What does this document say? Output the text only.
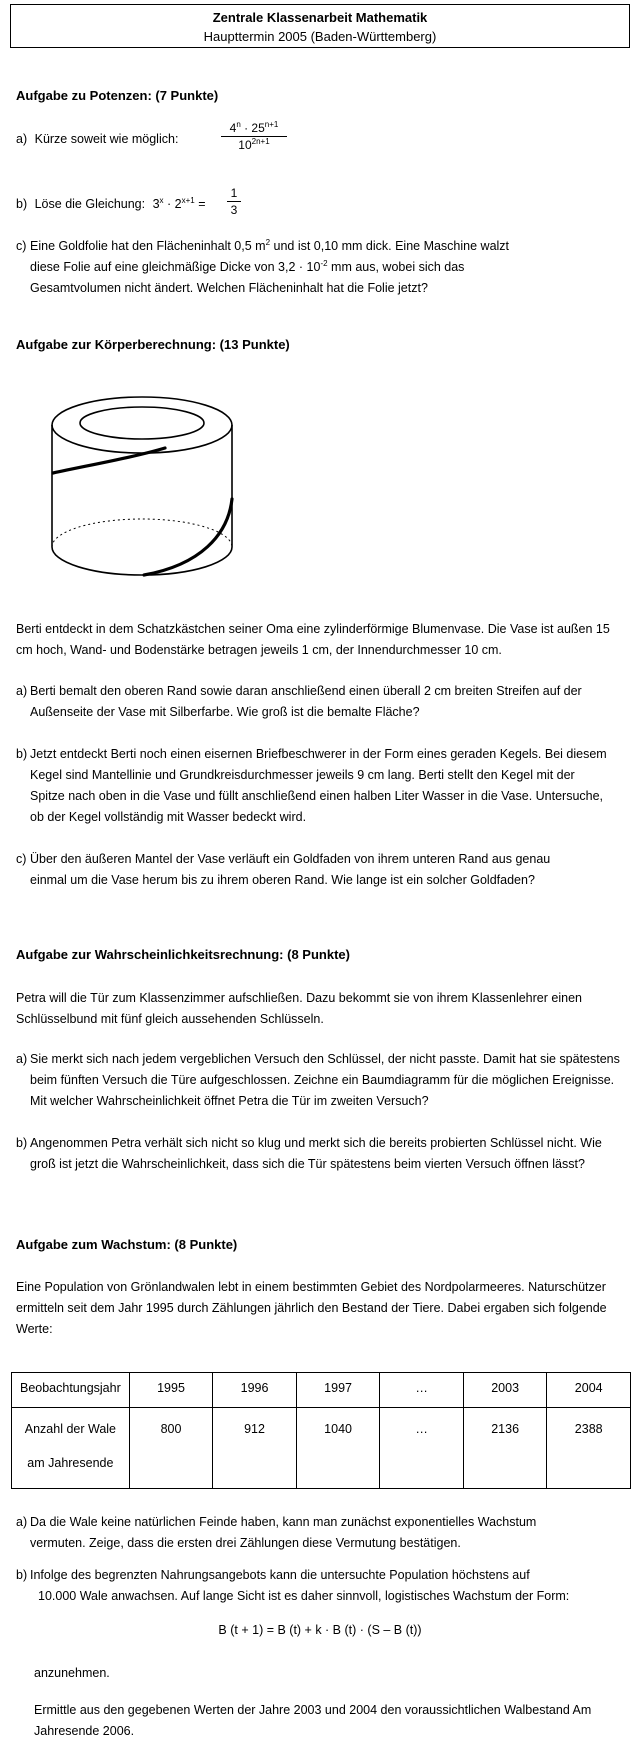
Zentrale Klassenarbeit Mathematik
Haupttermin 2005 (Baden-Württemberg)
Aufgabe zu Potenzen: (7 Punkte)
a) Kürze soweit wie möglich:	$\frac{4^n \cdot 25^{n+1}}{10^{2n+1}}$
b) Löse die Gleichung: $3^x \cdot 2^{x+1} = \frac{1}{3}$
c) Eine Goldfolie hat den Flächeninhalt 0,5 $m^2$ und ist 0,10 mm dick. Eine Maschine walzt
diese Folie auf eine gleichmäßige Dicke von $3,2 \cdot 10^{-2}$ mm aus, wobei sich das
Gesamtvolumen nicht ändert. Welchen Flächeninhalt hat die Folie jetzt?
Aufgabe zur Körperberechnung: (13 Punkte)
Berti entdeckt in dem Schatzkästchen seiner Oma eine zylinderförmige Blumenvase. Die Vase ist außen 15 cm hoch, Wand- und Bodenstärke betragen jeweils 1 cm, der Innendurchmesser 10 cm.
a) Berti bemalt den oberen Rand sowie daran anschließend einen überall 2 cm breiten Streifen auf der Außenseite der Vase mit Silberfarbe. Wie groß ist die bemalte Fläche?
b) Jetzt entdeckt Berti noch einen eisernen Briefbeschwerer in der Form eines geraden Kegels. Bei diesem Kegel sind Mantellinie und Grundkreisdurchmesser jeweils 9 cm lang. Berti stellt den Kegel mit der Spitze nach oben in die Vase und füllt anschließend einen halben Liter Wasser in die Vase. Untersuche, ob der Kegel vollständig mit Wasser bedeckt wird.
c) Über den äußeren Mantel der Vase verläuft ein Goldfaden von ihrem unteren Rand aus genau einmal um die Vase herum bis zu ihrem oberen Rand. Wie lange ist ein solcher Goldfaden?
Aufgabe zur Wahrscheinlichkeitsrechnung: (8 Punkte)
Petra will die Tür zum Klassenzimmer aufschließen. Dazu bekommt sie von ihrem Klassenlehrer einen Schlüsselbund mit fünf gleich aussehenden Schlüsseln.
a) Sie merkt sich nach jedem vergeblichen Versuch den Schlüssel, der nicht passte. Damit hat sie spätestens beim fünften Versuch die Türe aufgeschlossen. Zeichne ein Baumdiagramm für die möglichen Ereignisse. Mit welcher Wahrscheinlichkeit öffnet Petra die Tür im zweiten Versuch?
b) Angenommen Petra verhält sich nicht so klug und merkt sich die bereits probierten Schlüssel nicht. Wie groß ist jetzt die Wahrscheinlichkeit, dass sich die Tür spätestens beim vierten Versuch öffnen lässt?
Aufgabe zum Wachstum: (8 Punkte)
Eine Population von Grönlandwalen lebt in einem bestimmten Gebiet des Nordpolarmeeres. Naturschützer ermitteln seit dem Jahr 1995 durch Zählungen jährlich den Bestand der Tiere. Dabei ergaben sich folgende Werte:
Beobachtungsjahr	1995	1996	1997	…	2003	2004

Anzahl der Wale
am Jahresende	800	912	1040	…	2136	2388
a) Da die Wale keine natürlichen Feinde haben, kann man zunächst exponentielles Wachstum vermuten. Zeige, dass die ersten drei Zählungen diese Vermutung bestätigen.
b) Infolge des begrenzten Nahrungsangebots kann die untersuchte Population höchstens auf
10.000 Wale anwachsen. Auf lange Sicht ist es daher sinnvoll, logistisches Wachstum der Form:
B (t + 1) = B (t) + k · B (t) · (S – B (t))
anzunehmen.
Ermittle aus den gegebenen Werten der Jahre 2003 und 2004 den voraussichtlichen Walbestand Am Jahresende 2006.
